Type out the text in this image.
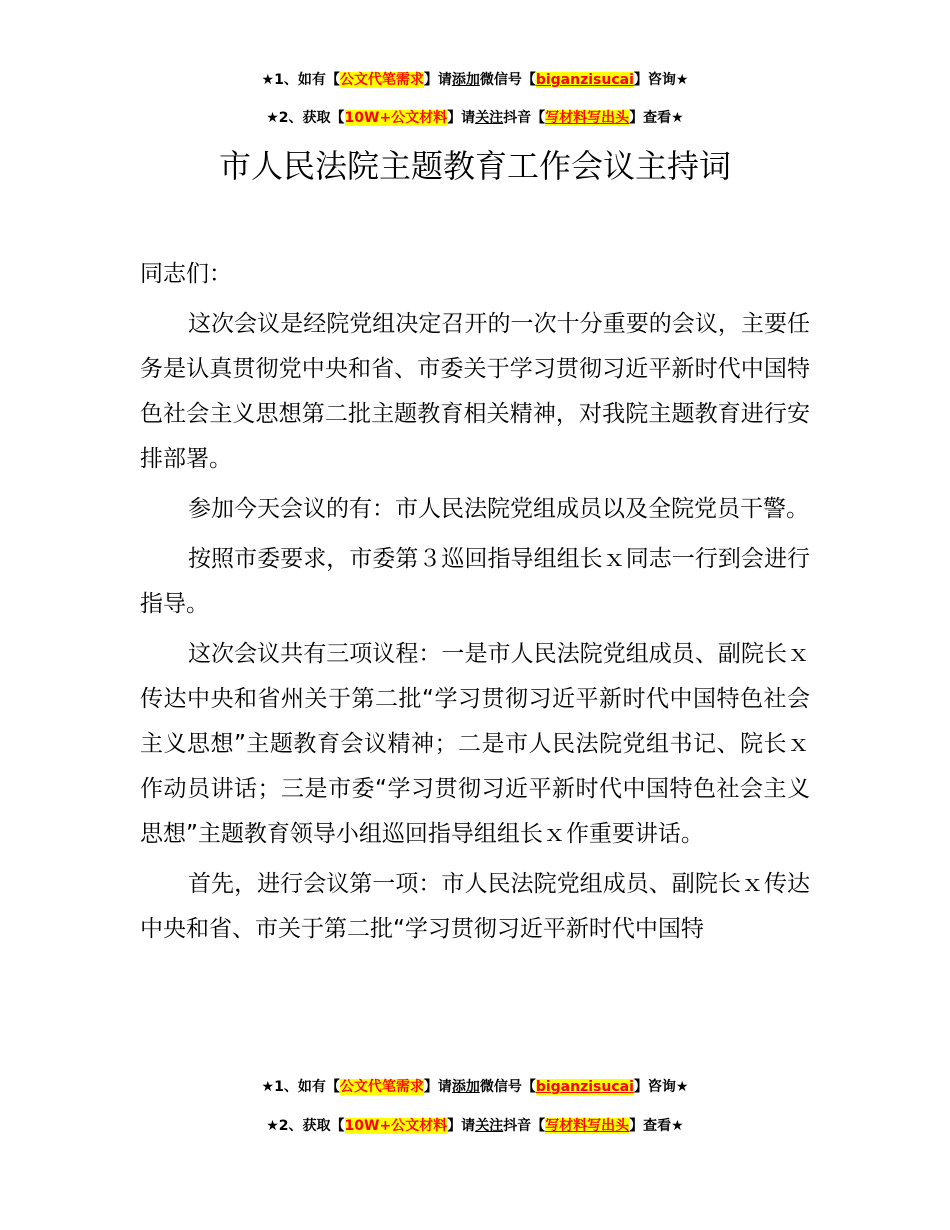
★1、如有【公文代笔需求】请添加微信号【biganzisucai】咨询★
★2、获取【10W+公文材料】请关注抖音【写材料写出头】查看★
市人民法院主题教育工作会议主持词

同志们：

这次会议是经院党组决定召开的一次十分重要的会议，主要任务是认真贯彻党中央和省、市委关于学习贯彻习近平新时代中国特色社会主义思想第二批主题教育相关精神，对我院主题教育进行安排部署。

参加今天会议的有：市人民法院党组成员以及全院党员干警。

按照市委要求，市委第３巡回指导组组长ｘ同志一行到会进行指导。

这次会议共有三项议程：一是市人民法院党组成员、副院长ｘ传达中央和省州关于第二批“学习贯彻习近平新时代中国特色社会主义思想”主题教育会议精神；二是市人民法院党组书记、院长ｘ作动员讲话；三是市委“学习贯彻习近平新时代中国特色社会主义思想”主题教育领导小组巡回指导组组长ｘ作重要讲话。

首先，进行会议第一项：市人民法院党组成员、副院长ｘ传达中央和省、市关于第二批“学习贯彻习近平新时代中国特

★1、如有【公文代笔需求】请添加微信号【biganzisucai】咨询★
★2、获取【10W+公文材料】请关注抖音【写材料写出头】查看★
